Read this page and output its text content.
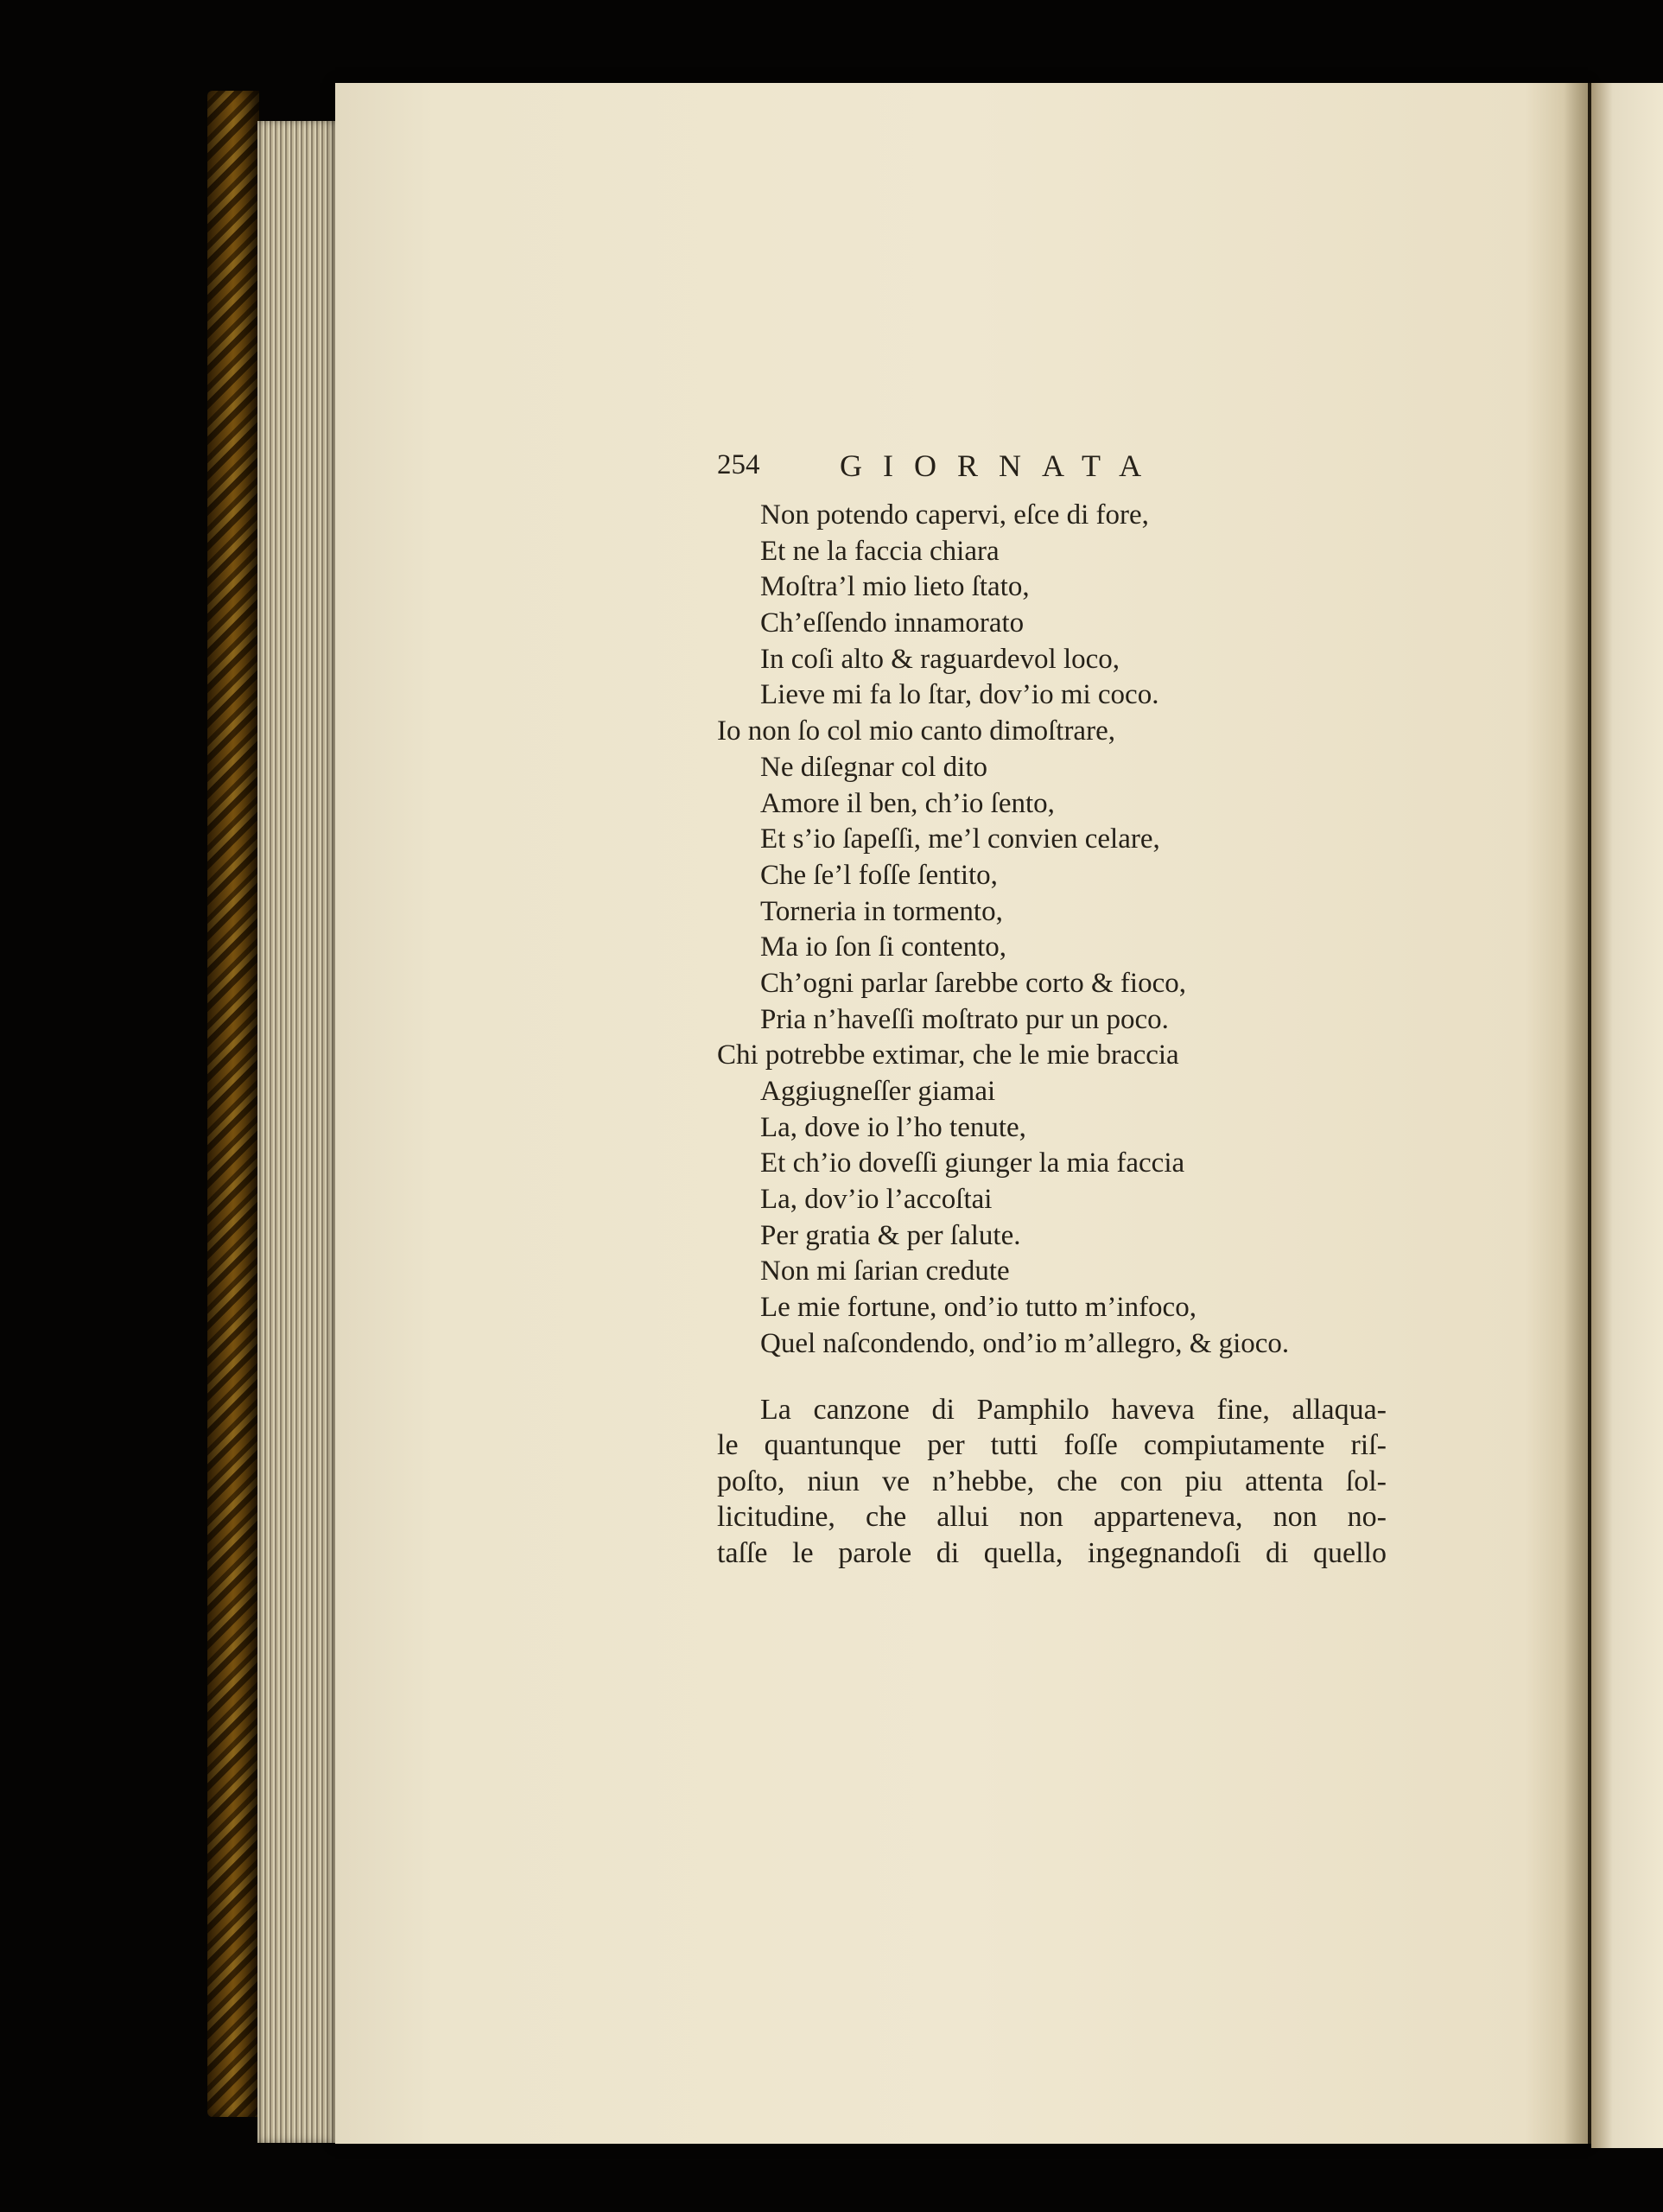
254	GIORNATA
Non potendo capervi, eſce di fore,
Et ne la faccia chiara
Moſtra’l mio lieto ſtato,
Ch’eſſendo innamorato
In coſi alto & raguardevol loco,
Lieve mi fa lo ſtar, dov’io mi coco.
Io non ſo col mio canto dimoſtrare,
Ne diſegnar col dito
Amore il ben, ch’io ſento,
Et s’io ſapeſſi, me’l convien celare,
Che ſe’l foſſe ſentito,
Torneria in tormento,
Ma io ſon ſi contento,
Ch’ogni parlar ſarebbe corto & fioco,
Pria n’haveſſi moſtrato pur un poco.
Chi potrebbe extimar, che le mie braccia
Aggiugneſſer giamai
La, dove io l’ho tenute,
Et ch’io doveſſi giunger la mia faccia
La, dov’io l’accoſtai
Per gratia & per ſalute.
Non mi ſarian credute
Le mie fortune, ond’io tutto m’infoco,
Quel naſcondendo, ond’io m’allegro, & gioco.
La canzone di Pamphilo haveva fine, allaqua-
le quantunque per tutti foſſe compiutamente riſ-
poſto, niun ve n’hebbe, che con piu attenta ſol-
licitudine, che allui non apparteneva, non no-
taſſe le parole di quella, ingegnandoſi di quello
